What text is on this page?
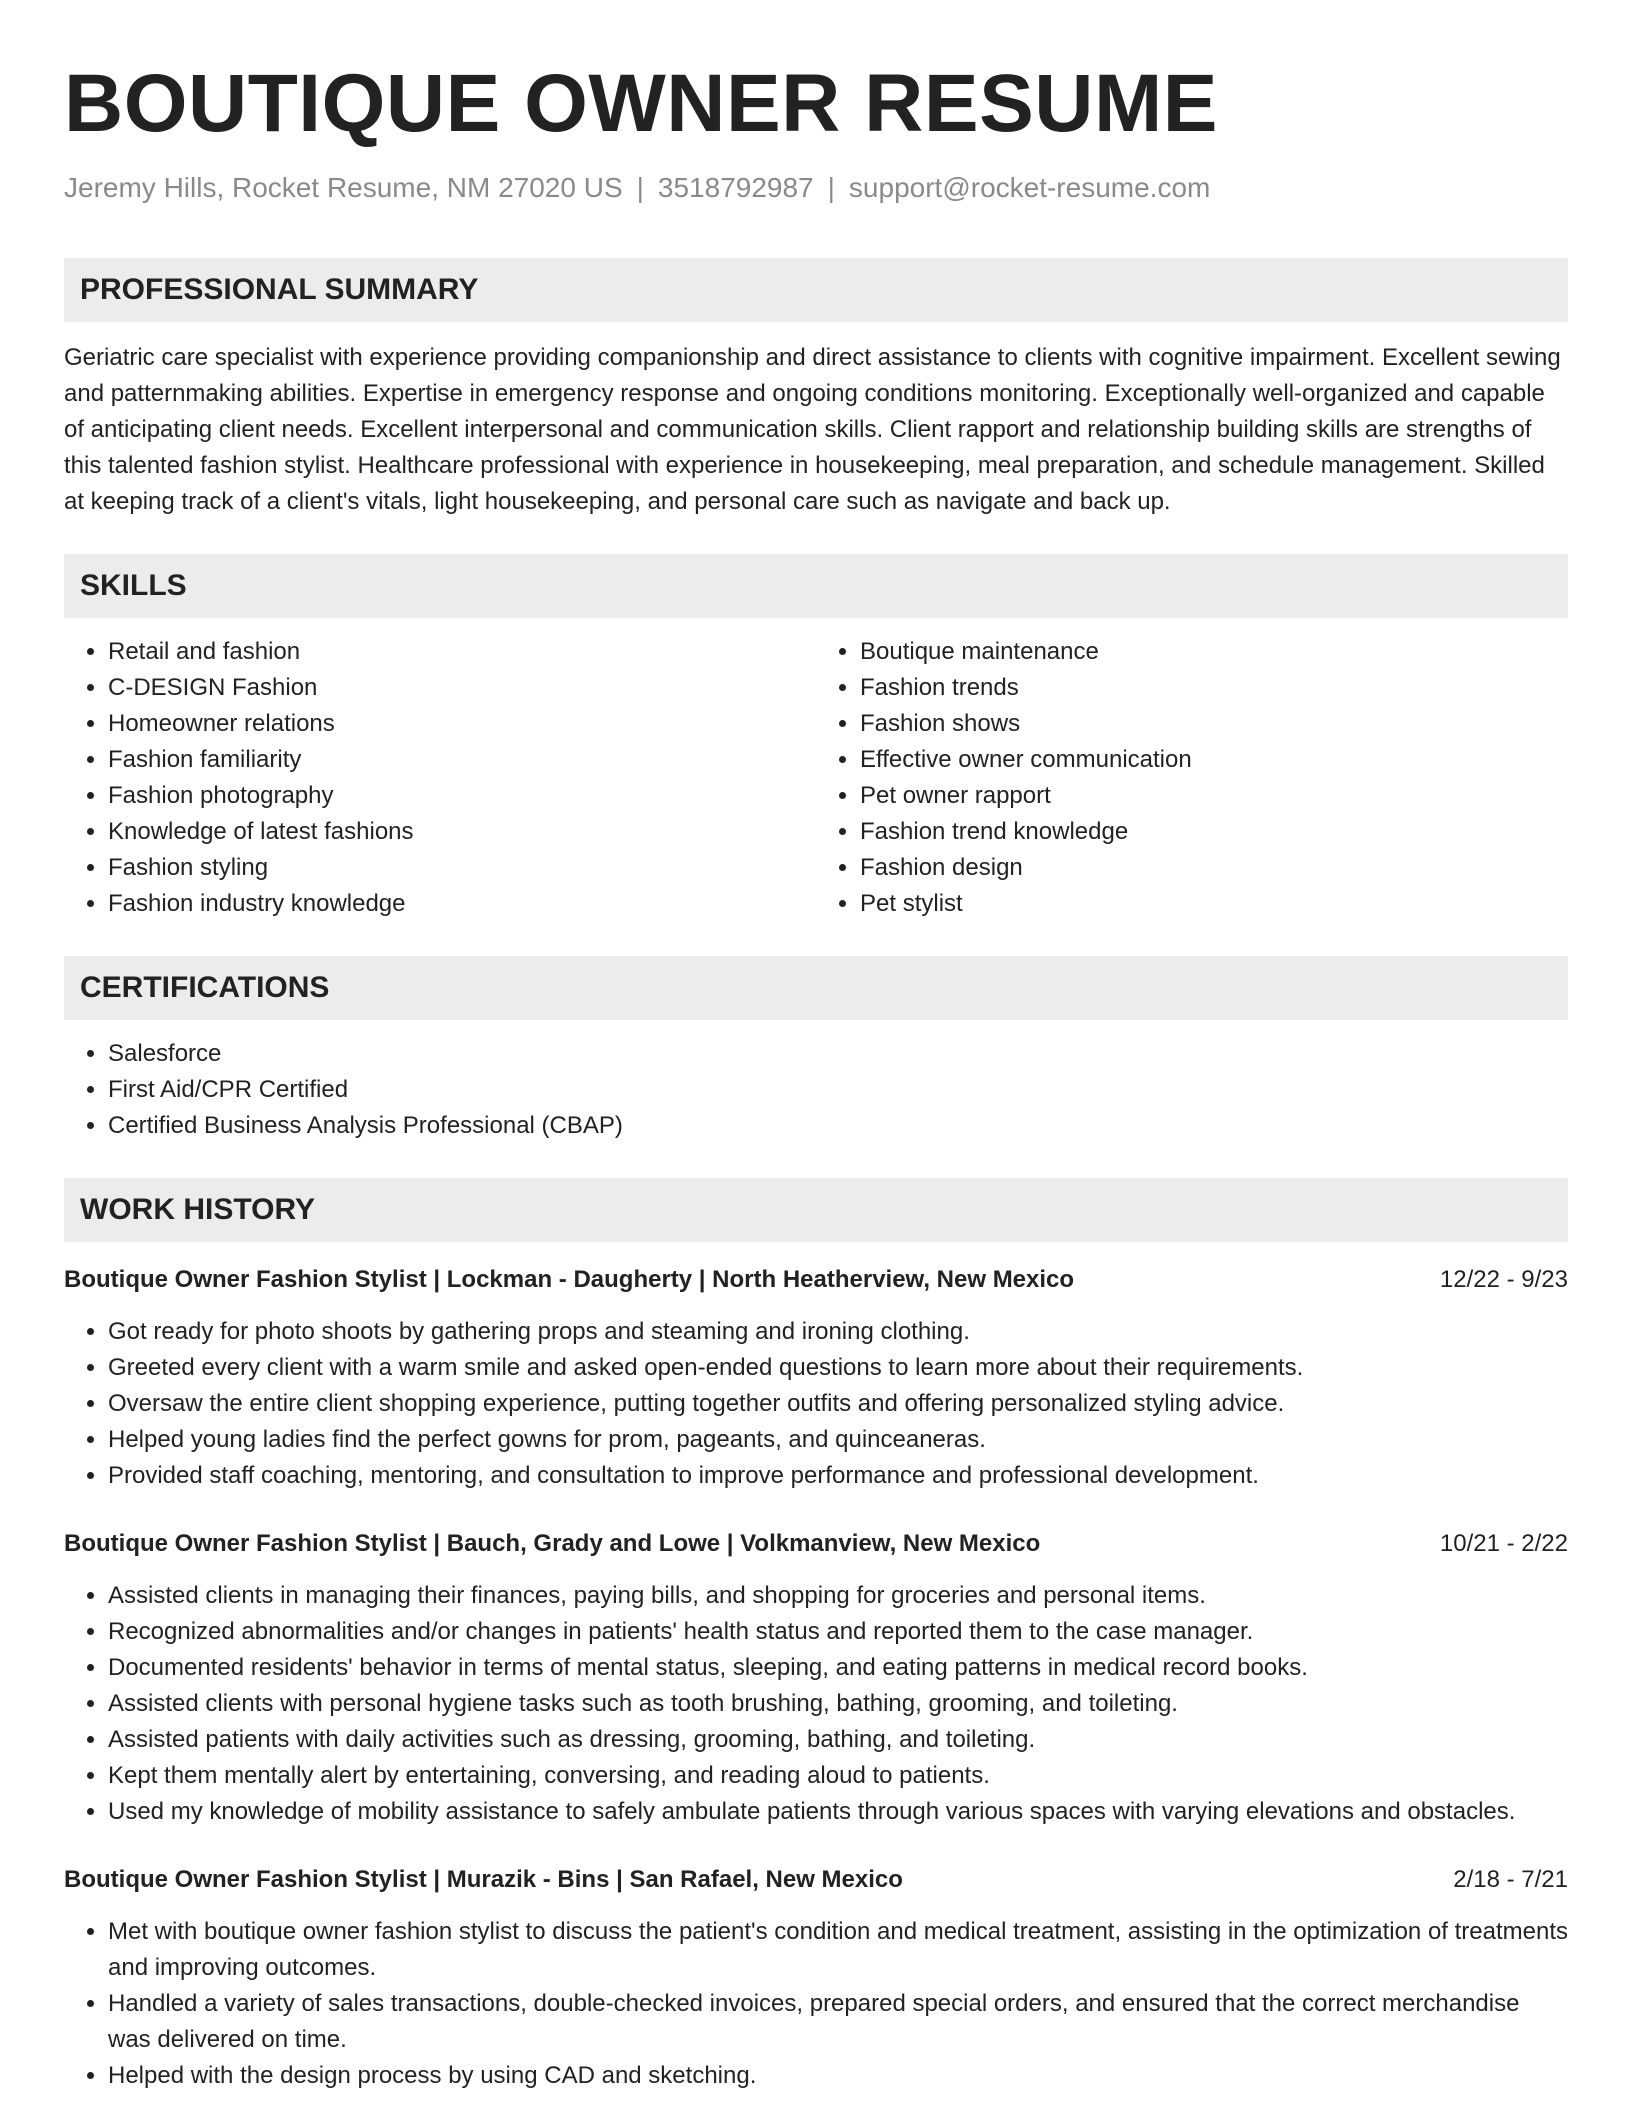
BOUTIQUE OWNER RESUME
Jeremy Hills, Rocket Resume, NM 27020 US | 3518792987 | support@rocket-resume.com
PROFESSIONAL SUMMARY

Geriatric care specialist with experience providing companionship and direct assistance to clients with cognitive impairment. Excellent sewing and patternmaking abilities. Expertise in emergency response and ongoing conditions monitoring. Exceptionally well-organized and capable of anticipating client needs. Excellent interpersonal and communication skills. Client rapport and relationship building skills are strengths of this talented fashion stylist. Healthcare professional with experience in housekeeping, meal preparation, and schedule management. Skilled at keeping track of a client's vitals, light housekeeping, and personal care such as navigate and back up.

SKILLS
• Retail and fashion
• C-DESIGN Fashion
• Homeowner relations
• Fashion familiarity
• Fashion photography
• Knowledge of latest fashions
• Fashion styling
• Fashion industry knowledge
• Boutique maintenance
• Fashion trends
• Fashion shows
• Effective owner communication
• Pet owner rapport
• Fashion trend knowledge
• Fashion design
• Pet stylist
CERTIFICATIONS
• Salesforce
• First Aid/CPR Certified
• Certified Business Analysis Professional (CBAP)
WORK HISTORY
Boutique Owner Fashion Stylist | Lockman - Daugherty | North Heatherview, New Mexico	12/22 - 9/23
• Got ready for photo shoots by gathering props and steaming and ironing clothing.
• Greeted every client with a warm smile and asked open-ended questions to learn more about their requirements.
• Oversaw the entire client shopping experience, putting together outfits and offering personalized styling advice.
• Helped young ladies find the perfect gowns for prom, pageants, and quinceaneras.
• Provided staff coaching, mentoring, and consultation to improve performance and professional development.
Boutique Owner Fashion Stylist | Bauch, Grady and Lowe | Volkmanview, New Mexico	10/21 - 2/22
• Assisted clients in managing their finances, paying bills, and shopping for groceries and personal items.
• Recognized abnormalities and/or changes in patients' health status and reported them to the case manager.
• Documented residents' behavior in terms of mental status, sleeping, and eating patterns in medical record books.
• Assisted clients with personal hygiene tasks such as tooth brushing, bathing, grooming, and toileting.
• Assisted patients with daily activities such as dressing, grooming, bathing, and toileting.
• Kept them mentally alert by entertaining, conversing, and reading aloud to patients.
• Used my knowledge of mobility assistance to safely ambulate patients through various spaces with varying elevations and obstacles.
Boutique Owner Fashion Stylist | Murazik - Bins | San Rafael, New Mexico	2/18 - 7/21
• Met with boutique owner fashion stylist to discuss the patient's condition and medical treatment, assisting in the optimization of treatments and improving outcomes.
• Handled a variety of sales transactions, double-checked invoices, prepared special orders, and ensured that the correct merchandise was delivered on time.
• Helped with the design process by using CAD and sketching.
